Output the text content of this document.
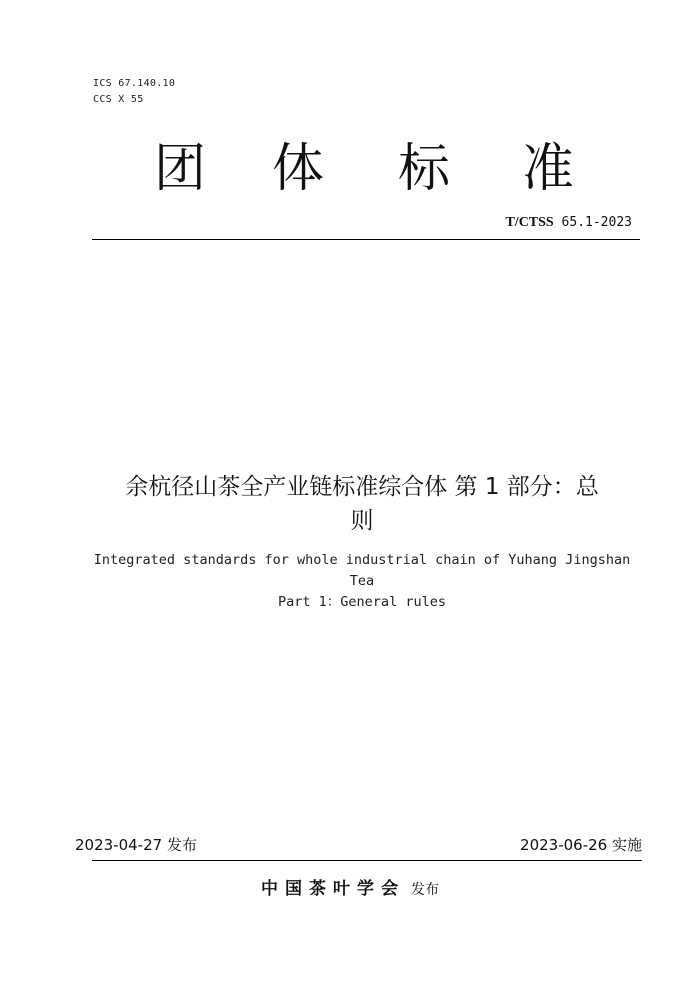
ICS 67.140.10
CCS X 55
团 体 标 准
T/CTSS 65.1-2023
余杭径山茶全产业链标准综合体 第 1 部分：总
则
Integrated standards for whole industrial chain of Yuhang Jingshan
Tea
Part 1：General rules
2023-04-27 发布	2023-06-26 实施
中国茶叶学会 发布
